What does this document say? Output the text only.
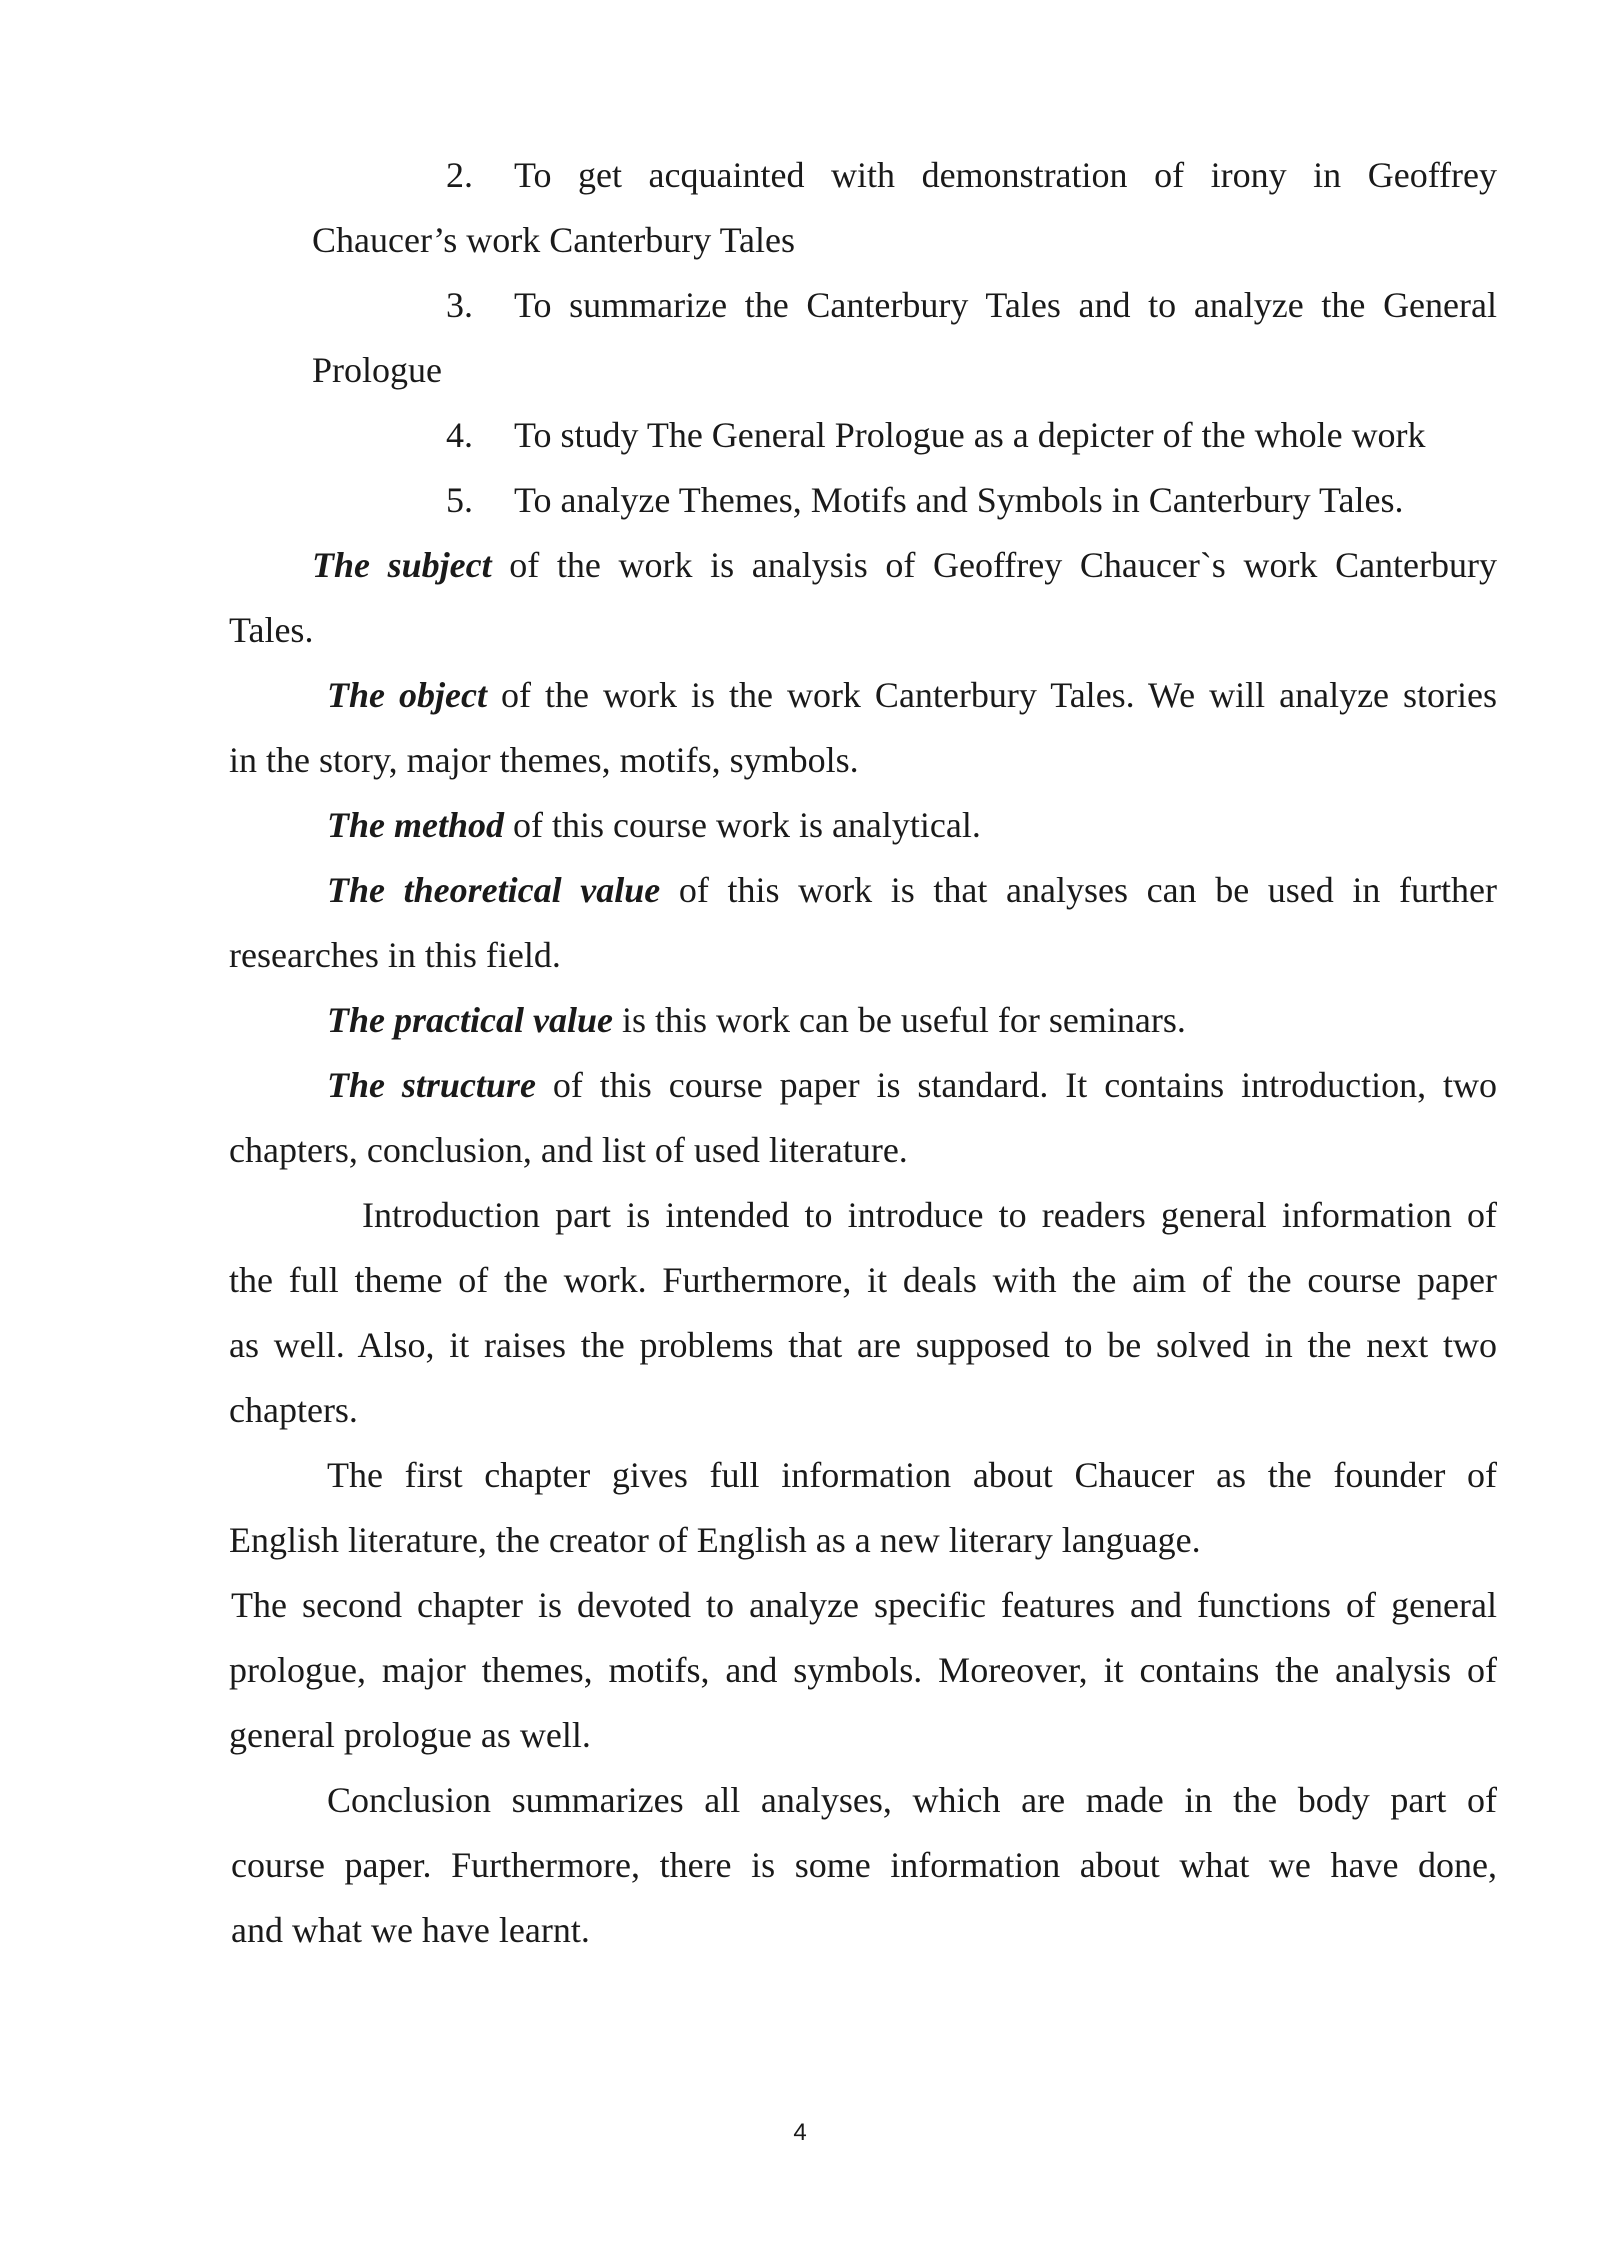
2. To get acquainted with demonstration of irony in Geoffrey

Chaucer’s work Canterbury Tales

3. To summarize the Canterbury Tales and to analyze the General

Prologue

4. To study The General Prologue as a depicter of the whole work

5. To analyze Themes, Motifs and Symbols in Canterbury Tales.

The subject of the work is analysis of Geoffrey Chaucer`s work Canterbury

Tales.

The object of the work is the work Canterbury Tales. We will analyze stories

in the story, major themes, motifs, symbols.

The method of this course work is analytical.

The theoretical value of this work is that analyses can be used in further

researches in this field.

The practical value is this work can be useful for seminars.

The structure of this course paper is standard. It contains introduction, two

chapters, conclusion, and list of used literature.

Introduction part is intended to introduce to readers general information of

the full theme of the work. Furthermore, it deals with the aim of the course paper

as well. Also, it raises the problems that are supposed to be solved in the next two

chapters.

The first chapter gives full information about Chaucer as the founder of

English literature, the creator of English as a new literary language.

The second chapter is devoted to analyze specific features and functions of general

prologue, major themes, motifs, and symbols. Moreover, it contains the analysis of

general prologue as well.

Conclusion summarizes all analyses, which are made in the body part of

course paper. Furthermore, there is some information about what we have done,

and what we have learnt.

4
